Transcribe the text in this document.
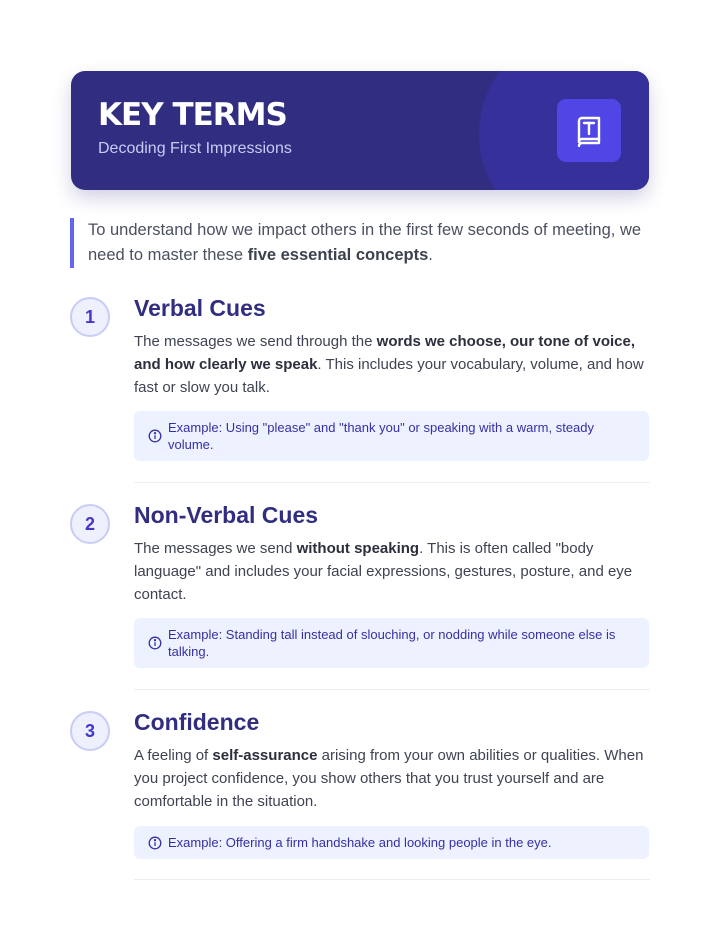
KEY TERMS
Decoding First Impressions
To understand how we impact others in the first few seconds of meeting, we need to master these five essential concepts.
1	Verbal Cues
The messages we send through the words we choose, our tone of voice, and how clearly we speak. This includes your vocabulary, volume, and how fast or slow you talk.
Example: Using "please" and "thank you" or speaking with a warm, steady volume.
2	Non-Verbal Cues
The messages we send without speaking. This is often called "body language" and includes your facial expressions, gestures, posture, and eye contact.
Example: Standing tall instead of slouching, or nodding while someone else is talking.
3	Confidence
A feeling of self-assurance arising from your own abilities or qualities. When you project confidence, you show others that you trust yourself and are comfortable in the situation.
Example: Offering a firm handshake and looking people in the eye.
